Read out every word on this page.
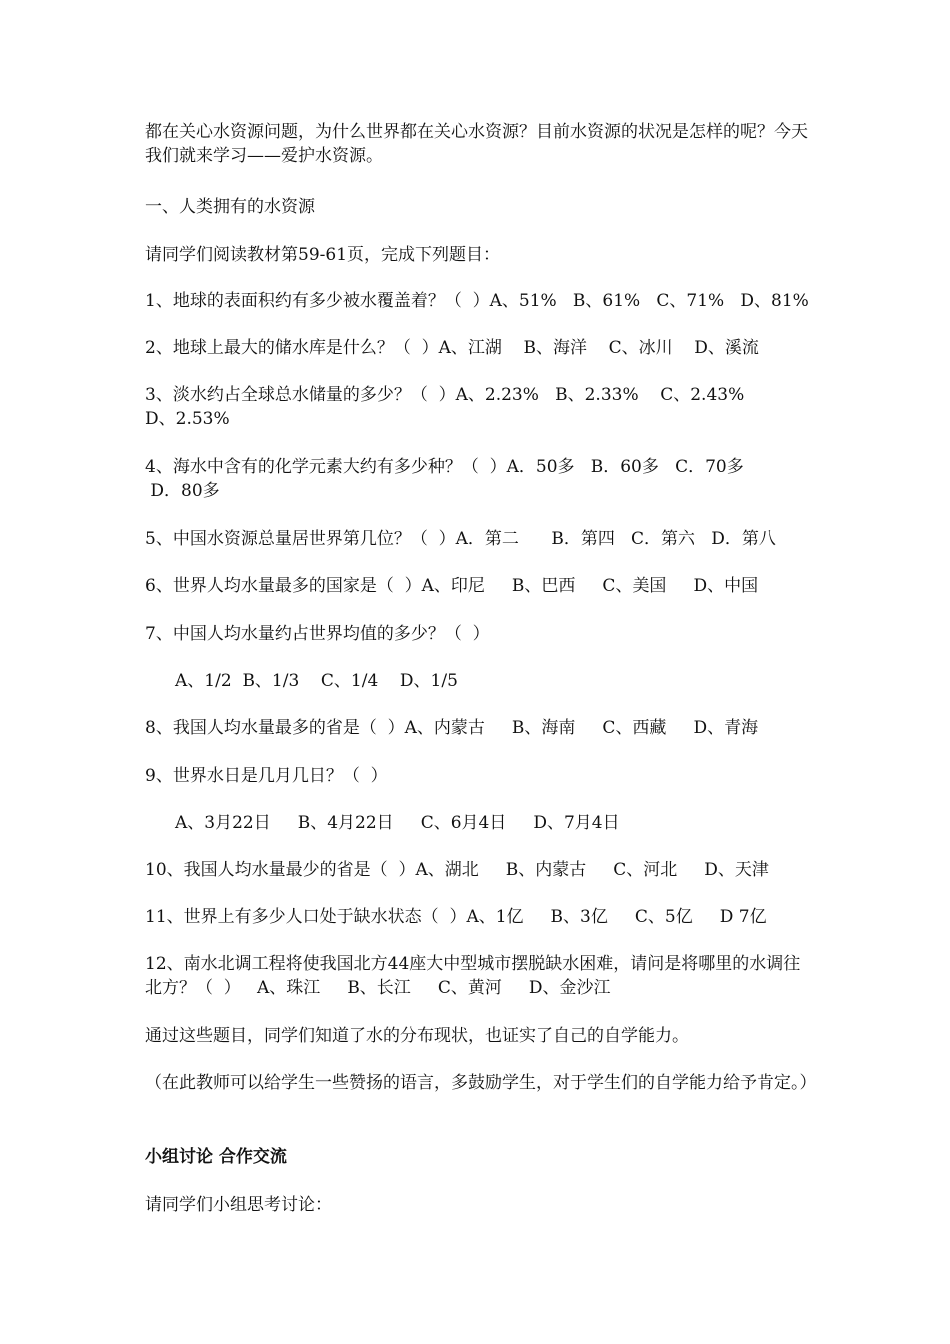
都在关心水资源问题，为什么世界都在关心水资源？目前水资源的状况是怎样的呢？今天我们就来学习——爱护水资源。

一、人类拥有的水资源

请同学们阅读教材第59-61页，完成下列题目：

1、地球的表面积约有多少被水覆盖着？（  ）A、51%   B、61%   C、71%   D、81%

2、地球上最大的储水库是什么？（  ）A、江湖    B、海洋    C、冰川    D、溪流

3、淡水约占全球总水储量的多少？（  ）A、2.23%   B、2.33%    C、2.43%
D、2.53%

4、海水中含有的化学元素大约有多少种？（  ）A．50多   B．60多   C．70多
D．80多

5、中国水资源总量居世界第几位？（  ）A．第二      B．第四   C．第六   D．第八

6、世界人均水量最多的国家是（  ）A、印尼     B、巴西     C、美国     D、中国

7、中国人均水量约占世界均值的多少？（  ）

A、1/2  B、1/3    C、1/4    D、1/5

8、我国人均水量最多的省是（  ）A、内蒙古     B、海南     C、西藏     D、青海

9、世界水日是几月几日？（  ）

A、3月22日     B、4月22日     C、6月4日     D、7月4日

10、我国人均水量最少的省是（  ）A、湖北     B、内蒙古     C、河北     D、天津

11、世界上有多少人口处于缺水状态（  ）A、1亿     B、3亿     C、5亿     D 7亿

12、南水北调工程将使我国北方44座大中型城市摆脱缺水困难，请问是将哪里的水调往北方？（  ）   A、珠江     B、长江     C、黄河     D、金沙江

通过这些题目，同学们知道了水的分布现状，也证实了自己的自学能力。

（在此教师可以给学生一些赞扬的语言，多鼓励学生，对于学生们的自学能力给予肯定。）

小组讨论 合作交流

请同学们小组思考讨论：
